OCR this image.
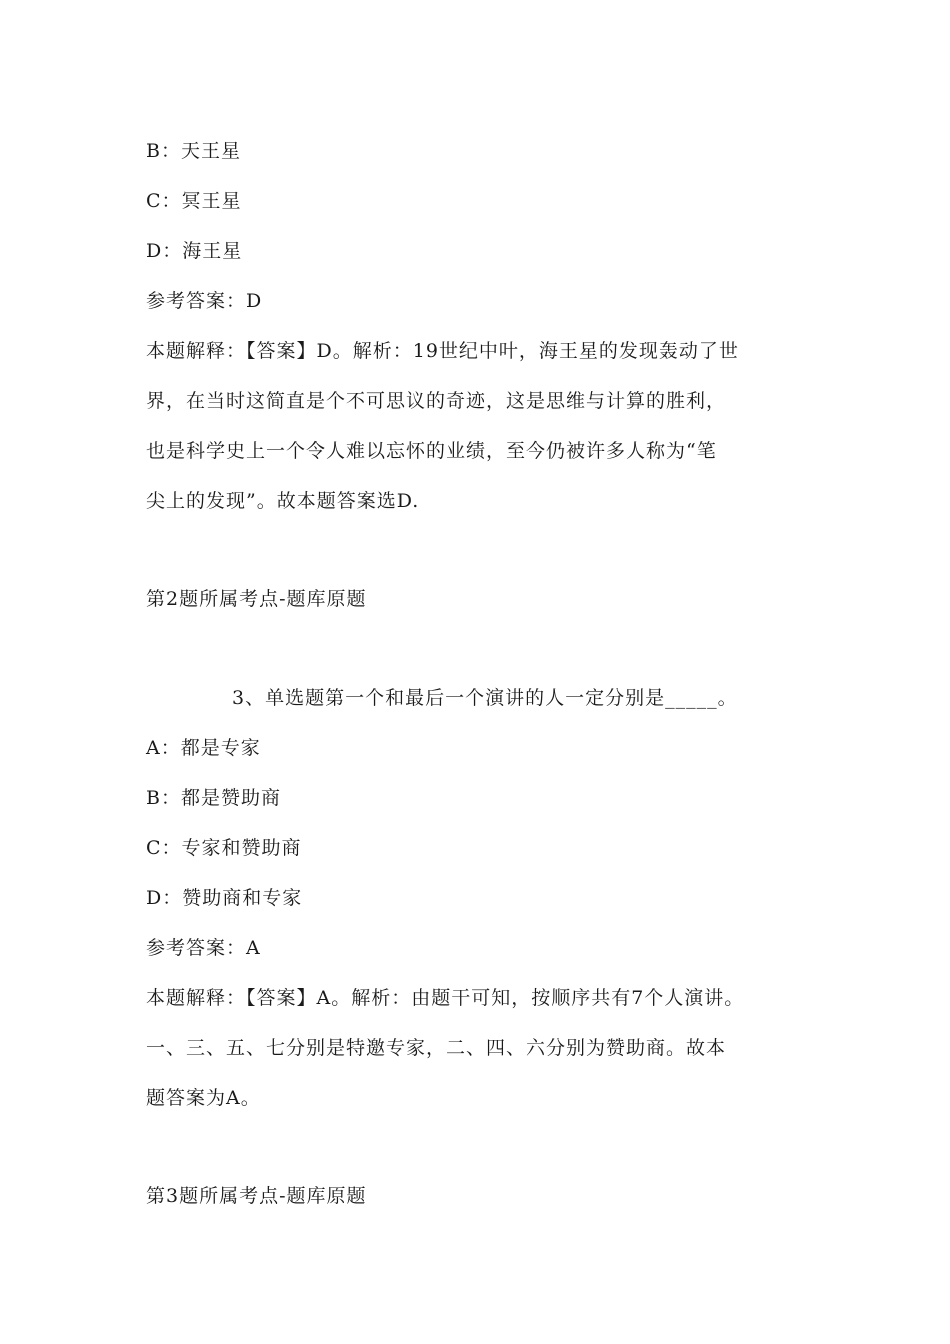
B：天王星

C：冥王星

D：海王星

参考答案：D

本题解释：【答案】D。解析：19世纪中叶，海王星的发现轰动了世

界，在当时这简直是个不可思议的奇迹，这是思维与计算的胜利，

也是科学史上一个令人难以忘怀的业绩，至今仍被许多人称为“笔

尖上的发现”。故本题答案选D.

第2题所属考点-题库原题

3、单选题第一个和最后一个演讲的人一定分别是_____。

A：都是专家

B：都是赞助商

C：专家和赞助商

D：赞助商和专家

参考答案：A

本题解释：【答案】A。解析：由题干可知，按顺序共有7个人演讲。

一、三、五、七分别是特邀专家，二、四、六分别为赞助商。故本

题答案为A。

第3题所属考点-题库原题
